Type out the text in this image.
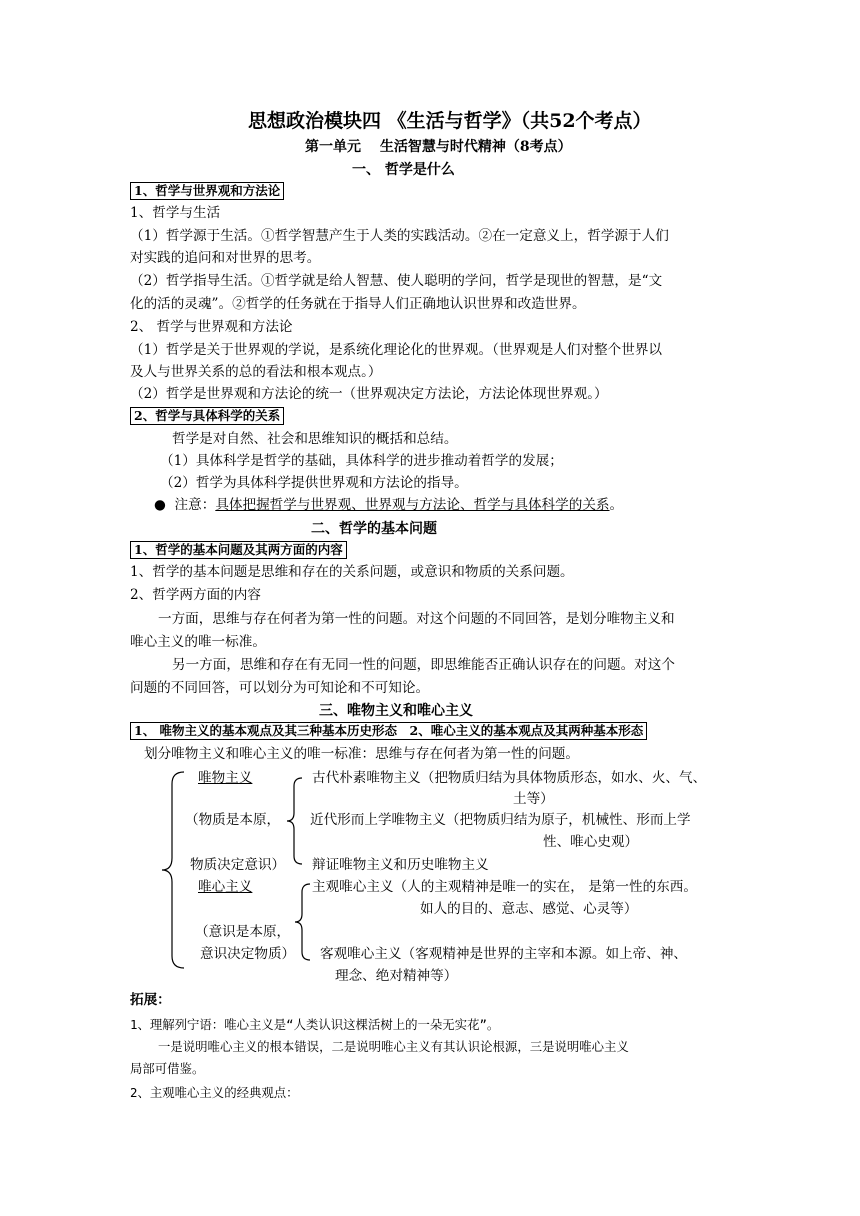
思想政治模块四 《生活与哲学》（共52个考点）
第一单元　 生活智慧与时代精神（8考点）
一、 哲学是什么
1、哲学与世界观和方法论
1、哲学与生活
（1）哲学源于生活。①哲学智慧产生于人类的实践活动。②在一定意义上，哲学源于人们
对实践的追问和对世界的思考。
（2）哲学指导生活。①哲学就是给人智慧、使人聪明的学问，哲学是现世的智慧，是“文
化的活的灵魂”。②哲学的任务就在于指导人们正确地认识世界和改造世界。
2、 哲学与世界观和方法论
（1）哲学是关于世界观的学说，是系统化理论化的世界观。（世界观是人们对整个世界以
及人与世界关系的总的看法和根本观点。）
（2）哲学是世界观和方法论的统一（世界观决定方法论，方法论体现世界观。）
2、哲学与具体科学的关系
哲学是对自然、社会和思维知识的概括和总结。
（1）具体科学是哲学的基础，具体科学的进步推动着哲学的发展；
（2）哲学为具体科学提供世界观和方法论的指导。
● 注意：具体把握哲学与世界观、世界观与方法论、哲学与具体科学的关系。
二、哲学的基本问题
1、哲学的基本问题及其两方面的内容
1、哲学的基本问题是思维和存在的关系问题，或意识和物质的关系问题。
2、哲学两方面的内容
一方面，思维与存在何者为第一性的问题。对这个问题的不同回答，是划分唯物主义和
唯心主义的唯一标准。
另一方面，思维和存在有无同一性的问题，即思维能否正确认识存在的问题。对这个
问题的不同回答，可以划分为可知论和不可知论。
三、唯物主义和唯心主义
1、 唯物主义的基本观点及其三种基本历史形态　2、唯心主义的基本观点及其两种基本形态
划分唯物主义和唯心主义的唯一标准：思维与存在何者为第一性的问题。
唯物主义
（物质是本原，
物质决定意识）
古代朴素唯物主义（把物质归结为具体物质形态，如水、火、气、
土等）
近代形而上学唯物主义（把物质归结为原子，机械性、形而上学
性、唯心史观）
辩证唯物主义和历史唯物主义
唯心主义
（意识是本原，
意识决定物质）
主观唯心主义（人的主观精神是唯一的实在， 是第一性的东西。
如人的目的、意志、感觉、心灵等）
客观唯心主义（客观精神是世界的主宰和本源。如上帝、神、
理念、绝对精神等）
拓展：
1、理解列宁语：唯心主义是“人类认识这棵活树上的一朵无实花”。
一是说明唯心主义的根本错误，二是说明唯心主义有其认识论根源，三是说明唯心主义
局部可借鉴。
2、主观唯心主义的经典观点：
